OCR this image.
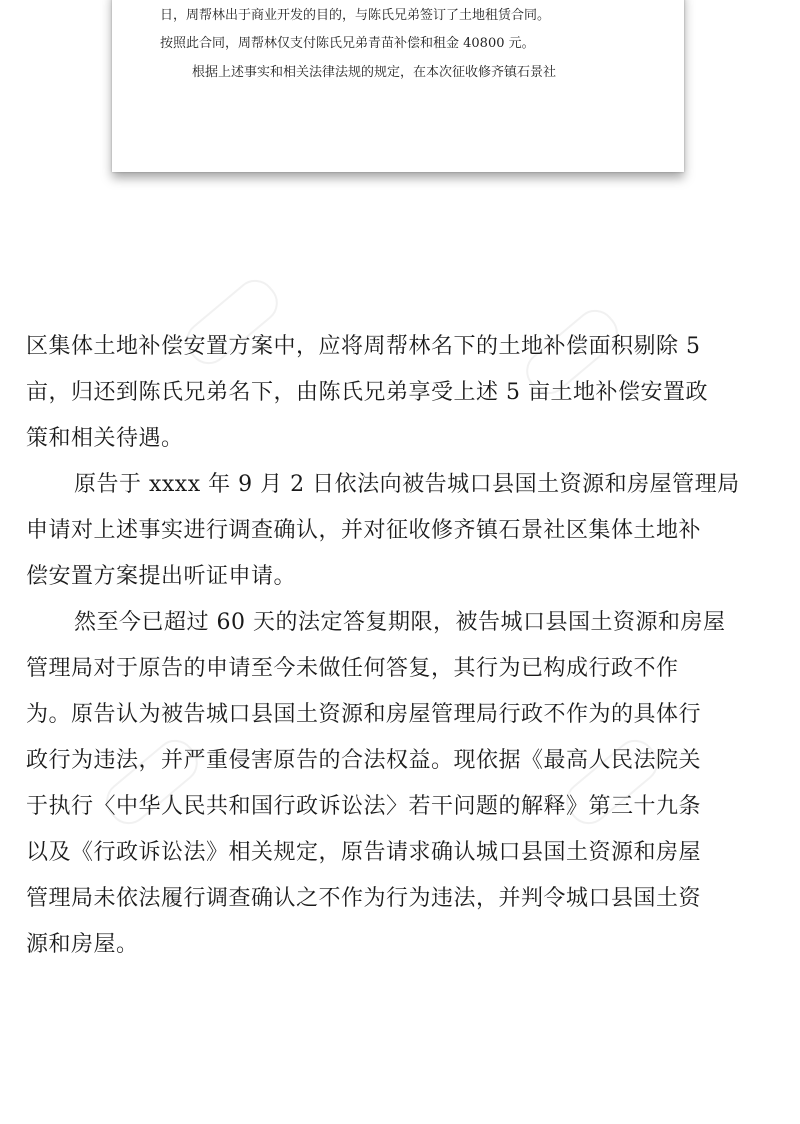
日，周帮林出于商业开发的目的，与陈氏兄弟签订了土地租赁合同。
按照此合同，周帮林仅支付陈氏兄弟青苗补偿和租金 40800 元。
根据上述事实和相关法律法规的规定，在本次征收修齐镇石景社
区集体土地补偿安置方案中，应将周帮林名下的土地补偿面积剔除 5
亩，归还到陈氏兄弟名下，由陈氏兄弟享受上述 5 亩土地补偿安置政
策和相关待遇。
原告于 xxxx 年 9 月 2 日依法向被告城口县国土资源和房屋管理局
申请对上述事实进行调查确认，并对征收修齐镇石景社区集体土地补
偿安置方案提出听证申请。
然至今已超过 60 天的法定答复期限，被告城口县国土资源和房屋
管理局对于原告的申请至今未做任何答复，其行为已构成行政不作
为。原告认为被告城口县国土资源和房屋管理局行政不作为的具体行
政行为违法，并严重侵害原告的合法权益。现依据《最高人民法院关
于执行〈中华人民共和国行政诉讼法〉若干问题的解释》第三十九条
以及《行政诉讼法》相关规定，原告请求确认城口县国土资源和房屋
管理局未依法履行调查确认之不作为行为违法，并判令城口县国土资
源和房屋。
